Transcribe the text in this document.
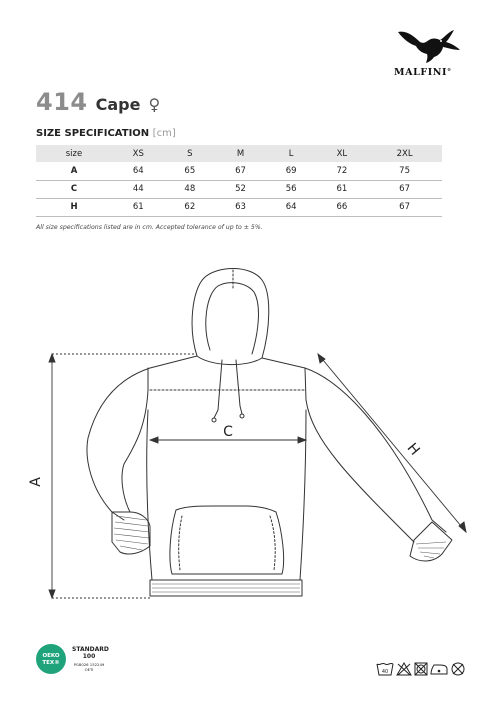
MALFINI®
414 Cape ♀
SIZE SPECIFICATION [cm]
size	XS	S	M	L	XL	2XL
A	64	65	67	69	72	75
C	44	48	52	56	61	67
H	61	62	63	64	66	67
All size specifications listed are in cm. Accepted tolerance of up to ± 5%.
A
C
H
OEKO
TEX®
STANDARD
100
PG8026 152249
OETI	40
